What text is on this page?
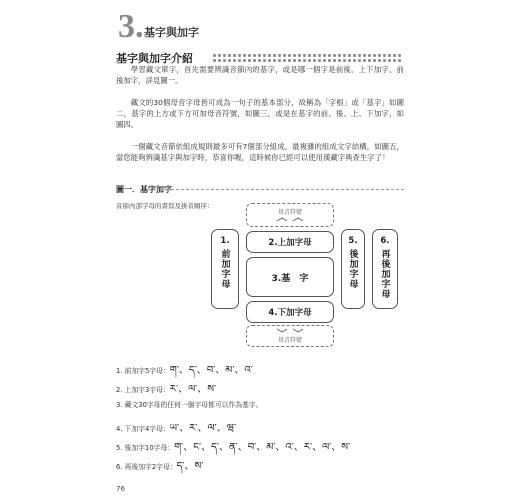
3. 基字與加字
基字與加字介紹

學習藏文單字，首先需要辨識音節內的基字，或是哪一個字是前後、上下加字、前後加字，詳見圖一。

藏文的30個母音字母皆可成為一句子的基本部分，故稱為「字根」或「基字」如圖二，基字的上方或下方可加母音符號，如圖三，或是在基字的前、後、上、下加字，如圖四。

一個藏文音節依組成規則最多可有7個部分組成，最複雜的組成文字結構，如圖五，當您能夠辨識基字與加字時，恭喜你喔，這時候你已經可以使用漢藏字典查生字了！

圖一．基字加字
音節內部字母的書寫及拼音順序：
母音符號
1.
前加字母
2.上加字母
3.基　字
4.下加字母
5.
後加字母
6.
再後加字母
母音符號
1. 前加字5字母：ག་、ད་、བ་、མ་、འ་
2. 上加字3字母：ར་、ལ་、ས་
3. 藏文30字母的任何一個字母都可以作為基字。
4. 下加字4字母：ཡ་、ར་、ལ་、ཝ་
5. 後加字10字母：ག་、ང་、ད་、ན་、བ་、མ་、འ་、ར་、ལ་、ས་
6. 再後加字2字母：ད་、ས་
76
